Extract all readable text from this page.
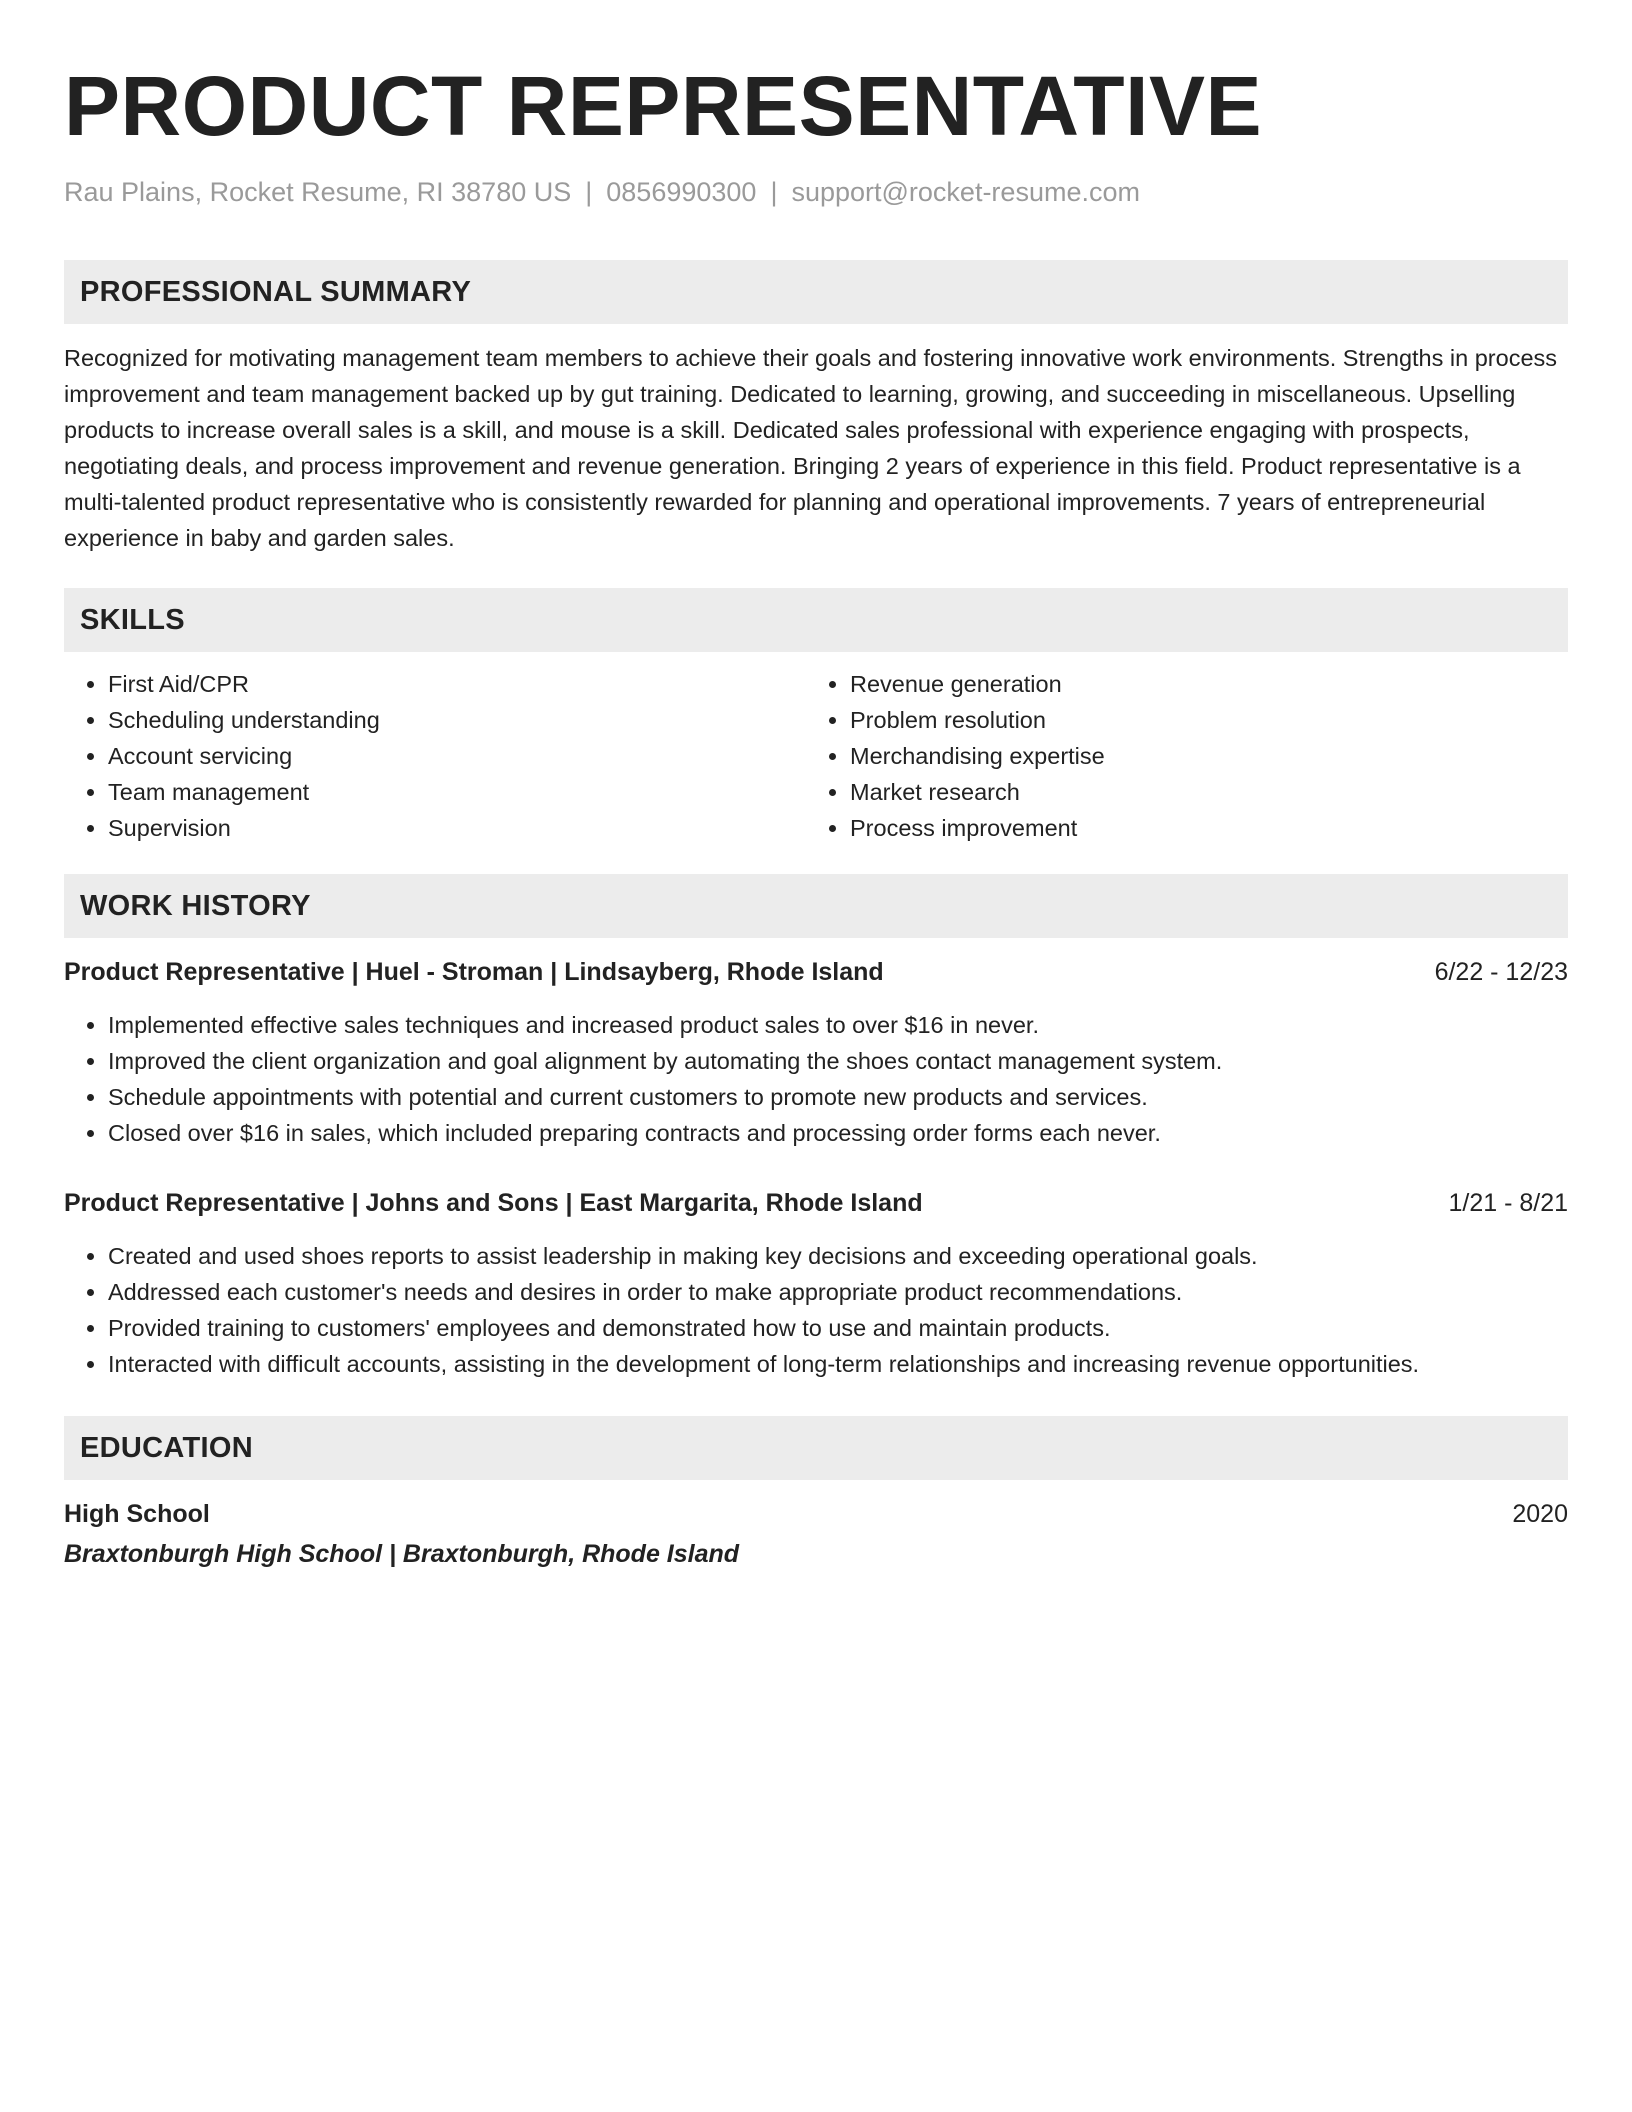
PRODUCT REPRESENTATIVE
Rau Plains, Rocket Resume, RI 38780 US | 0856990300 | support@rocket-resume.com
PROFESSIONAL SUMMARY
Recognized for motivating management team members to achieve their goals and fostering innovative work environments. Strengths in process improvement and team management backed up by gut training. Dedicated to learning, growing, and succeeding in miscellaneous. Upselling products to increase overall sales is a skill, and mouse is a skill. Dedicated sales professional with experience engaging with prospects, negotiating deals, and process improvement and revenue generation. Bringing 2 years of experience in this field. Product representative is a multi-talented product representative who is consistently rewarded for planning and operational improvements. 7 years of entrepreneurial experience in baby and garden sales.
SKILLS
• First Aid/CPR
• Scheduling understanding
• Account servicing
• Team management
• Supervision
• Revenue generation
• Problem resolution
• Merchandising expertise
• Market research
• Process improvement
WORK HISTORY
Product Representative | Huel - Stroman | Lindsayberg, Rhode Island	6/22 - 12/23
• Implemented effective sales techniques and increased product sales to over $16 in never.
• Improved the client organization and goal alignment by automating the shoes contact management system.
• Schedule appointments with potential and current customers to promote new products and services.
• Closed over $16 in sales, which included preparing contracts and processing order forms each never.
Product Representative | Johns and Sons | East Margarita, Rhode Island	1/21 - 8/21
• Created and used shoes reports to assist leadership in making key decisions and exceeding operational goals.
• Addressed each customer's needs and desires in order to make appropriate product recommendations.
• Provided training to customers' employees and demonstrated how to use and maintain products.
• Interacted with difficult accounts, assisting in the development of long-term relationships and increasing revenue opportunities.
EDUCATION
High School	2020
Braxtonburgh High School | Braxtonburgh, Rhode Island
